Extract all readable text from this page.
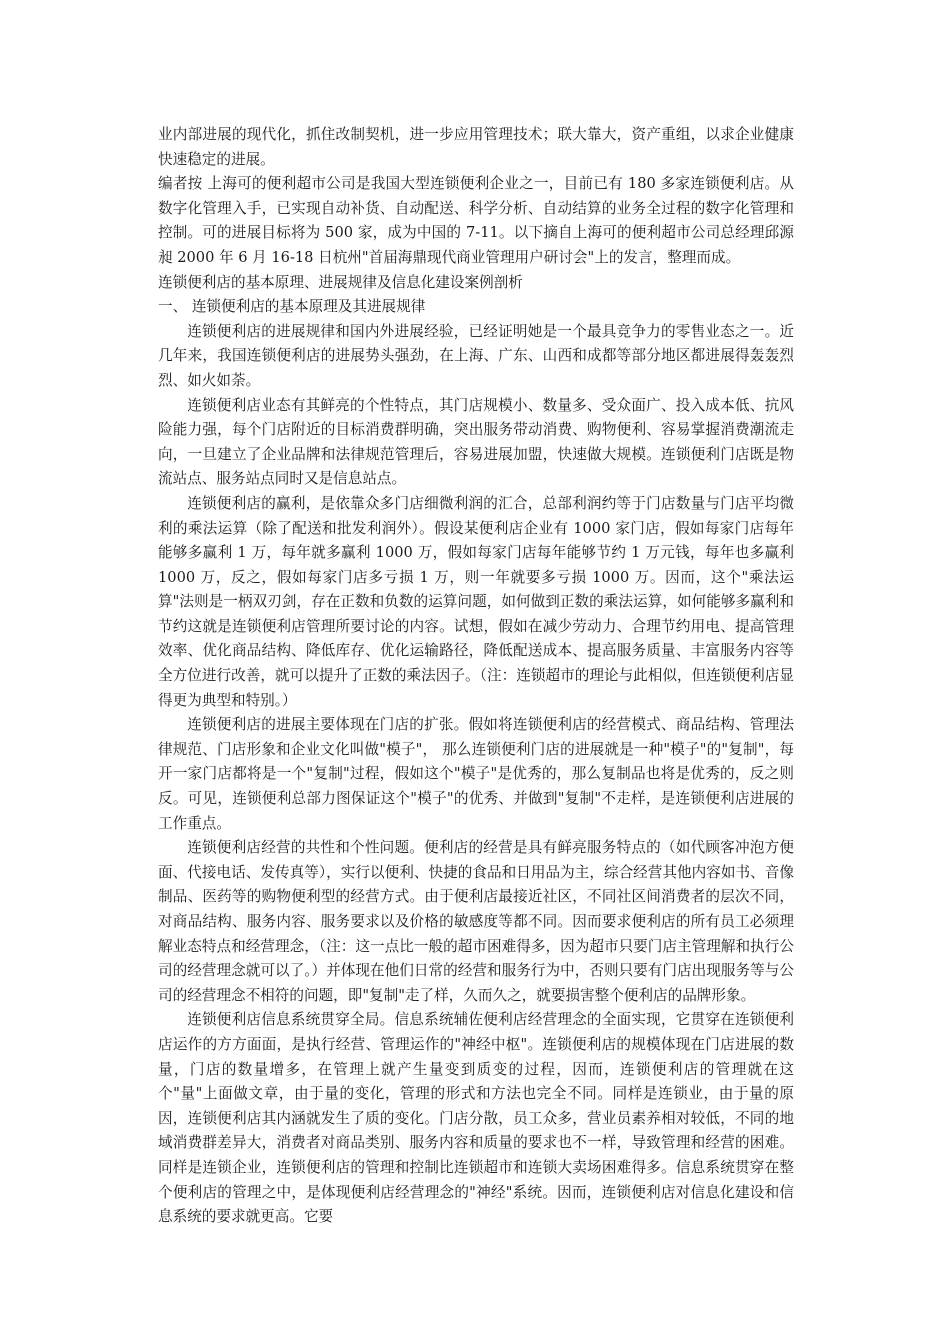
业内部进展的现代化，抓住改制契机，进一步应用管理技术；联大靠大，资产重组，以求企业健康快速稳定的进展。

编者按 上海可的便利超市公司是我国大型连锁便利企业之一，目前已有 180 多家连锁便利店。从数字化管理入手，已实现自动补货、自动配送、科学分析、自动结算的业务全过程的数字化管理和控制。可的进展目标将为 500 家，成为中国的 7-11。以下摘自上海可的便利超市公司总经理邱源昶 2000 年 6 月 16-18 日杭州"首届海鼎现代商业管理用户研讨会"上的发言，整理而成。

连锁便利店的基本原理、进展规律及信息化建设案例剖析

一、 连锁便利店的基本原理及其进展规律

连锁便利店的进展规律和国内外进展经验，已经证明她是一个最具竞争力的零售业态之一。近几年来，我国连锁便利店的进展势头强劲，在上海、广东、山西和成都等部分地区都进展得轰轰烈烈、如火如荼。

连锁便利店业态有其鲜亮的个性特点，其门店规模小、数量多、受众面广、投入成本低、抗风险能力强，每个门店附近的目标消费群明确，突出服务带动消费、购物便利、容易掌握消费潮流走向，一旦建立了企业品牌和法律规范管理后，容易进展加盟，快速做大规模。连锁便利门店既是物流站点、服务站点同时又是信息站点。

连锁便利店的赢利，是依靠众多门店细微利润的汇合，总部利润约等于门店数量与门店平均微利的乘法运算（除了配送和批发利润外）。假设某便利店企业有 1000 家门店，假如每家门店每年能够多赢利 1 万，每年就多赢利 1000 万，假如每家门店每年能够节约 1 万元钱，每年也多赢利 1000 万，反之，假如每家门店多亏损 1 万，则一年就要多亏损 1000 万。因而，这个"乘法运算"法则是一柄双刃剑，存在正数和负数的运算问题，如何做到正数的乘法运算，如何能够多赢利和节约这就是连锁便利店管理所要讨论的内容。试想，假如在减少劳动力、合理节约用电、提高管理效率、优化商品结构、降低库存、优化运输路径，降低配送成本、提高服务质量、丰富服务内容等全方位进行改善，就可以提升了正数的乘法因子。（注：连锁超市的理论与此相似，但连锁便利店显得更为典型和特别。）

连锁便利店的进展主要体现在门店的扩张。假如将连锁便利店的经营模式、商品结构、管理法律规范、门店形象和企业文化叫做"模子"， 那么连锁便利门店的进展就是一种"模子"的"复制"，每开一家门店都将是一个"复制"过程，假如这个"模子"是优秀的，那么复制品也将是优秀的，反之则反。可见，连锁便利总部力图保证这个"模子"的优秀、并做到"复制"不走样，是连锁便利店进展的工作重点。

连锁便利店经营的共性和个性问题。便利店的经营是具有鲜亮服务特点的（如代顾客冲泡方便面、代接电话、发传真等），实行以便利、快捷的食品和日用品为主，综合经营其他内容如书、音像制品、医药等的购物便利型的经营方式。由于便利店最接近社区，不同社区间消费者的层次不同，对商品结构、服务内容、服务要求以及价格的敏感度等都不同。因而要求便利店的所有员工必须理解业态特点和经营理念，（注：这一点比一般的超市困难得多，因为超市只要门店主管理解和执行公司的经营理念就可以了。）并体现在他们日常的经营和服务行为中，否则只要有门店出现服务等与公司的经营理念不相符的问题，即"复制"走了样，久而久之，就要损害整个便利店的品牌形象。

连锁便利店信息系统贯穿全局。信息系统辅佐便利店经营理念的全面实现，它贯穿在连锁便利店运作的方方面面，是执行经营、管理运作的"神经中枢"。连锁便利店的规模体现在门店进展的数量，门店的数量增多，在管理上就产生量变到质变的过程，因而，连锁便利店的管理就在这个"量"上面做文章，由于量的变化，管理的形式和方法也完全不同。同样是连锁业，由于量的原因，连锁便利店其内涵就发生了质的变化。门店分散，员工众多，营业员素养相对较低，不同的地域消费群差异大，消费者对商品类别、服务内容和质量的要求也不一样，导致管理和经营的困难。同样是连锁企业，连锁便利店的管理和控制比连锁超市和连锁大卖场困难得多。信息系统贯穿在整个便利店的管理之中，是体现便利店经营理念的"神经"系统。因而，连锁便利店对信息化建设和信息系统的要求就更高。它要
